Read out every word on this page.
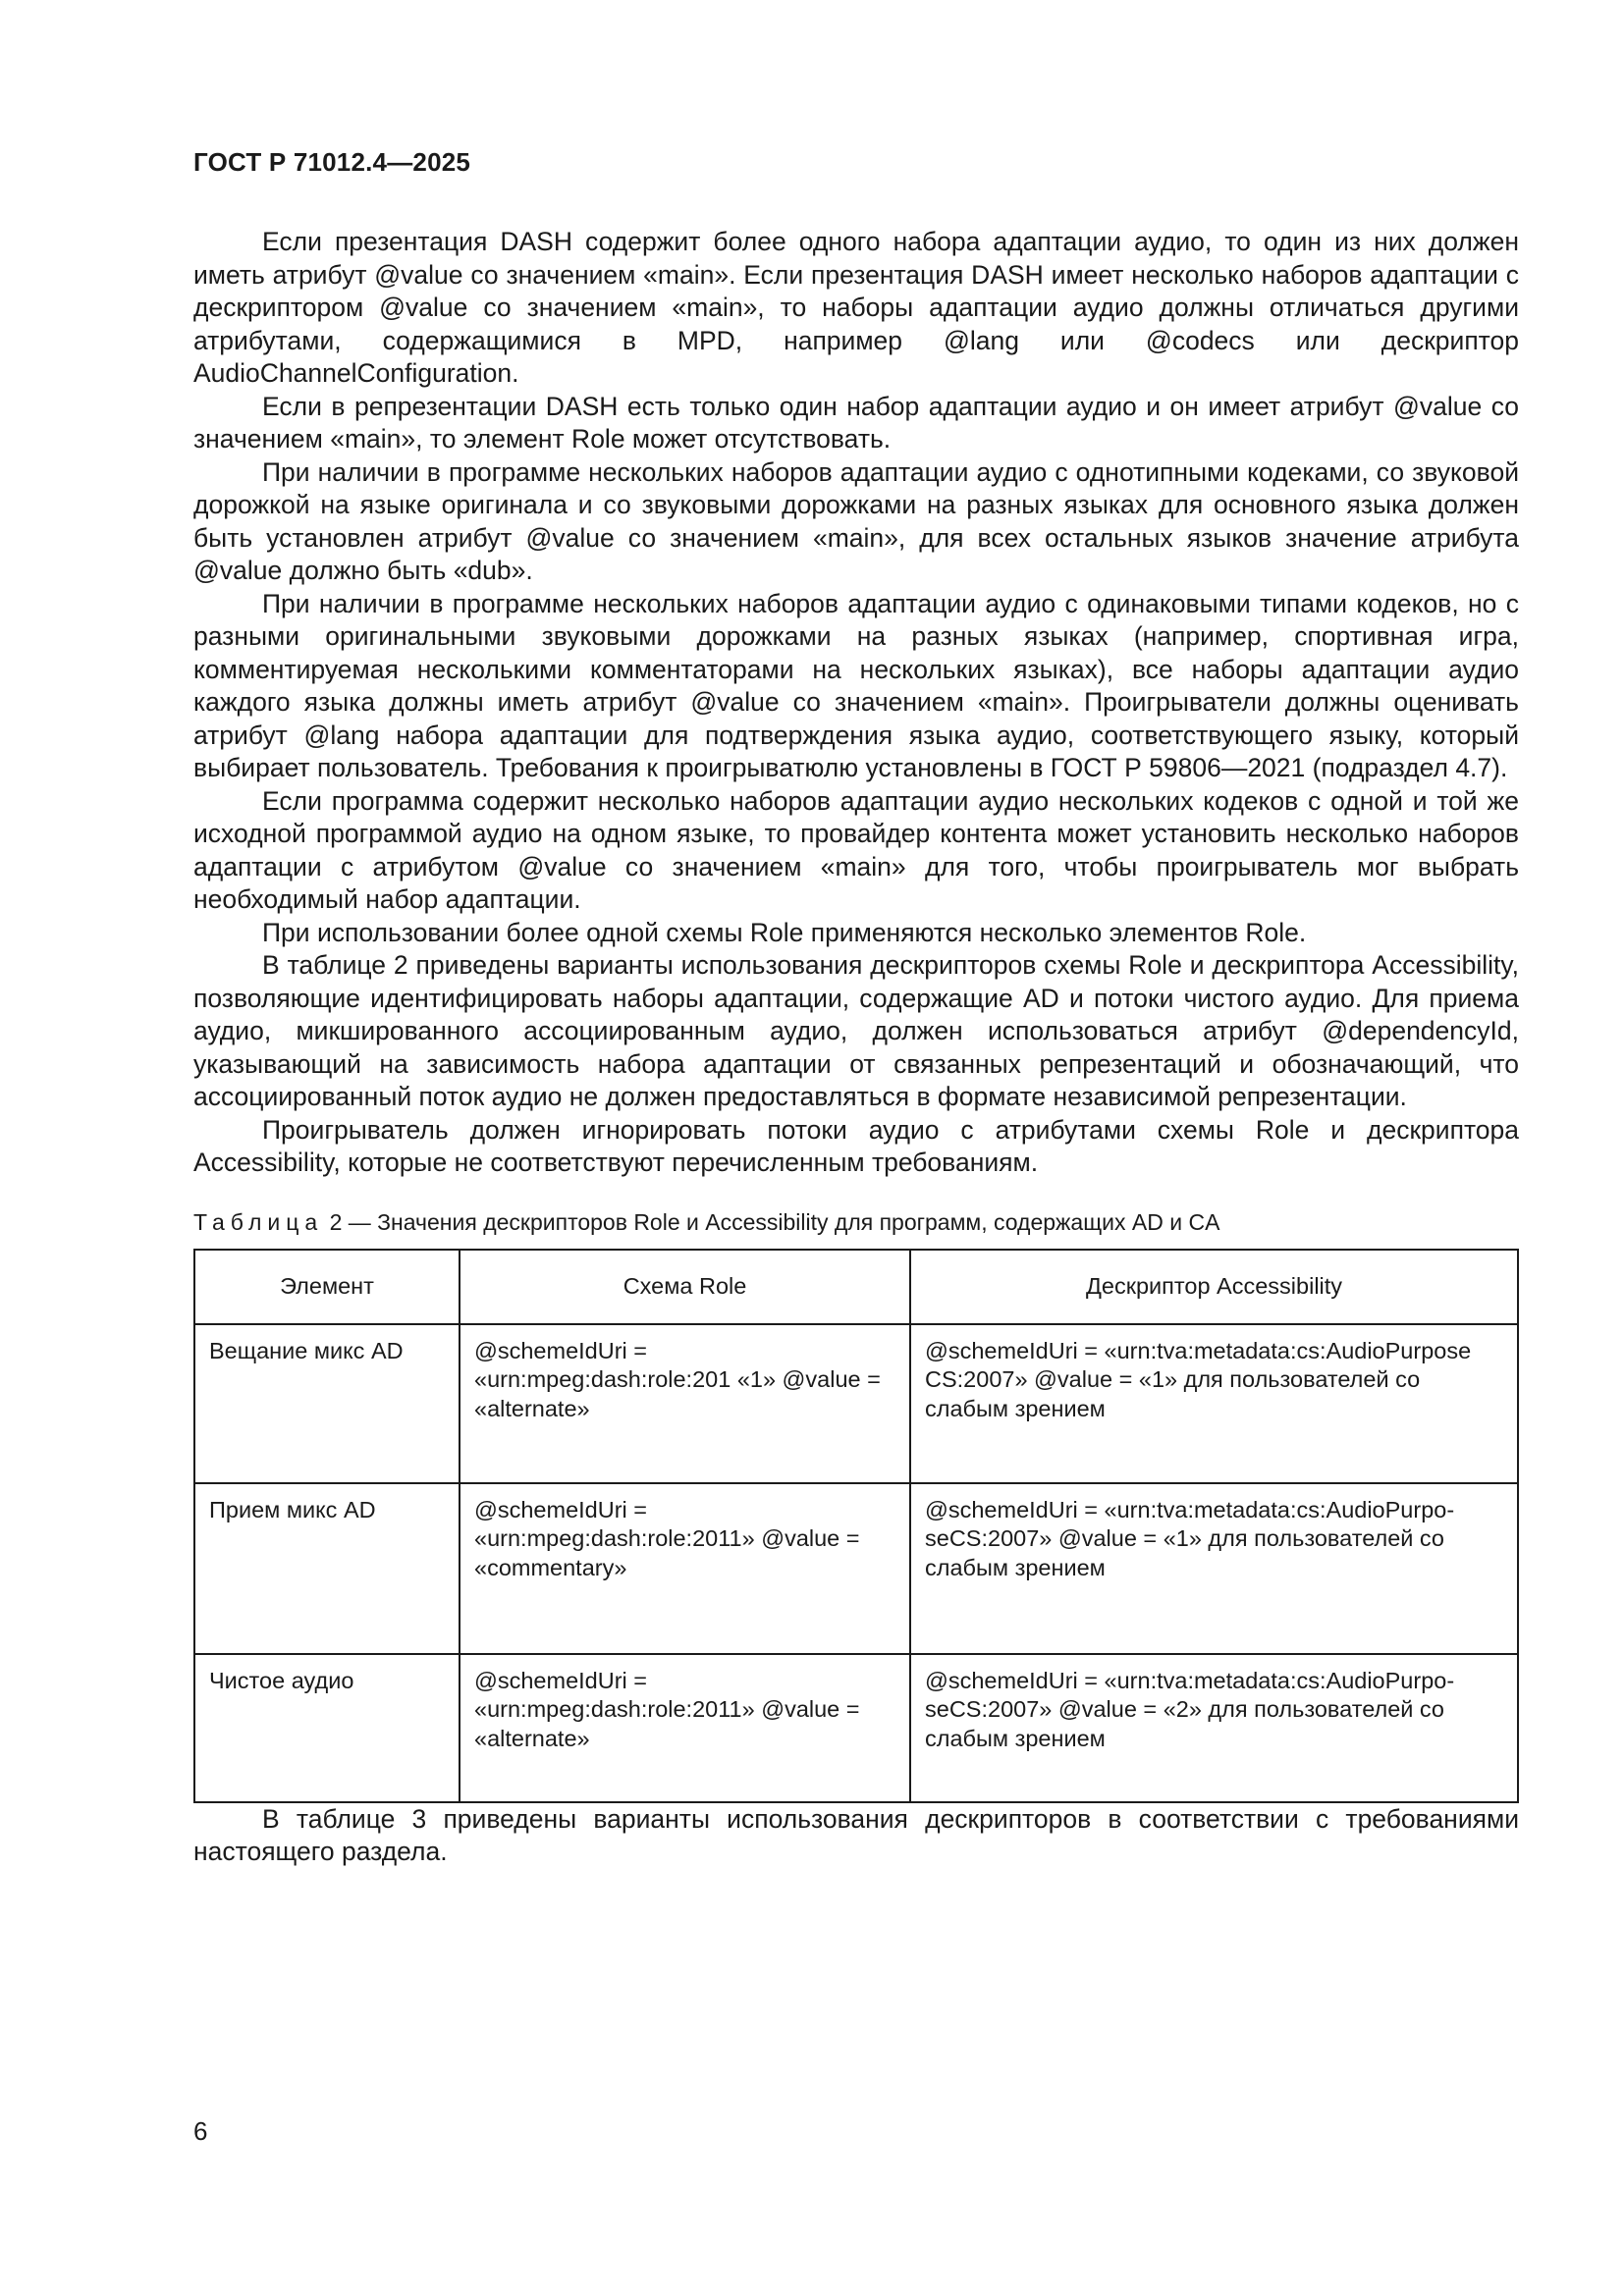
ГОСТ Р 71012.4—2025

Если презентация DASH содержит более одного набора адаптации аудио, то один из них должен иметь атрибут @value со значением «main». Если презентация DASH имеет несколько наборов адаптации с дескриптором @value со значением «main», то наборы адаптации аудио должны отличаться другими атрибутами, содержащимися в MPD, например @lang или @codecs или дескриптор AudioChannelConfiguration.

Если в репрезентации DASH есть только один набор адаптации аудио и он имеет атрибут @value со значением «main», то элемент Role может отсутствовать.

При наличии в программе нескольких наборов адаптации аудио с однотипными кодеками, со звуковой дорожкой на языке оригинала и со звуковыми дорожками на разных языках для основного языка должен быть установлен атрибут @value со значением «main», для всех остальных языков значение атрибута @value должно быть «dub».

При наличии в программе нескольких наборов адаптации аудио с одинаковыми типами кодеков, но с разными оригинальными звуковыми дорожками на разных языках (например, спортивная игра, комментируемая несколькими комментаторами на нескольких языках), все наборы адаптации аудио каждого языка должны иметь атрибут @value со значением «main». Проигрыватели должны оценивать атрибут @lang набора адаптации для подтверждения языка аудио, соответствующего языку, который выбирает пользователь. Требования к проигрыватюлю установлены в ГОСТ Р 59806—2021 (подраздел 4.7).

Если программа содержит несколько наборов адаптации аудио нескольких кодеков с одной и той же исходной программой аудио на одном языке, то провайдер контента может установить несколько наборов адаптации с атрибутом @value со значением «main» для того, чтобы проигрыватель мог выбрать необходимый набор адаптации.

При использовании более одной схемы Role применяются несколько элементов Role.

В таблице 2 приведены варианты использования дескрипторов схемы Role и дескриптора Accessibility, позволяющие идентифицировать наборы адаптации, содержащие AD и потоки чистого аудио. Для приема аудио, микшированного ассоциированным аудио, должен использоваться атрибут @dependencyId, указывающий на зависимость набора адаптации от связанных репрезентаций и обозначающий, что ассоциированный поток аудио не должен предоставляться в формате независимой репрезентации.

Проигрыватель должен игнорировать потоки аудио с атрибутами схемы Role и дескриптора Accessibility, которые не соответствуют перечисленным требованиям.

Таблица 2 — Значения дескрипторов Role и Accessibility для программ, содержащих AD и CA
Элемент	Схема Role	Дескриптор Accessibility
Вещание микс AD	@schemeIdUri = «urn:mpeg:dash:role:201 «1» @value = «alternate»	@schemeIdUri = «urn:tva:metadata:cs:AudioPurpose CS:2007» @value = «1» для пользователей со слабым зрением
Прием микс AD	@schemeIdUri = «urn:mpeg:dash:role:2011» @value = «commentary»	@schemeIdUri = «urn:tva:metadata:cs:AudioPurpo-seCS:2007» @value = «1» для пользователей со слабым зрением
Чистое аудио	@schemeIdUri = «urn:mpeg:dash:role:2011» @value = «alternate»	@schemeIdUri = «urn:tva:metadata:cs:AudioPurpo-seCS:2007» @value = «2» для пользователей со слабым зрением

В таблице 3 приведены варианты использования дескрипторов в соответствии с требованиями настоящего раздела.

6
